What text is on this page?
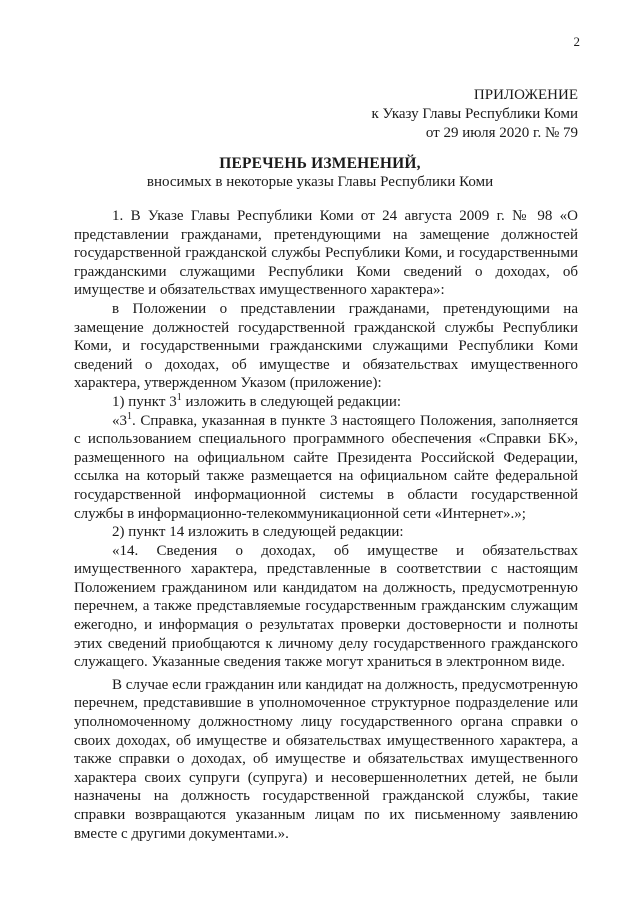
2
ПРИЛОЖЕНИЕ
к Указу Главы Республики Коми
от 29 июля 2020 г. № 79
ПЕРЕЧЕНЬ ИЗМЕНЕНИЙ,
вносимых в некоторые указы Главы Республики Коми

1. В Указе Главы Республики Коми от 24 августа 2009 г. № 98 «О представлении гражданами, претендующими на замещение должностей государственной гражданской службы Республики Коми, и государственными гражданскими служащими Республики Коми сведений о доходах, об имуществе и обязательствах имущественного характера»:

в Положении о представлении гражданами, претендующими на замещение должностей государственной гражданской службы Республики Коми, и государственными гражданскими служащими Республики Коми сведений о доходах, об имуществе и обязательствах имущественного характера, утвержденном Указом (приложение):

1) пункт $3^1$ изложить в следующей редакции:

«$3^1$. Справка, указанная в пункте 3 настоящего Положения, заполняется с использованием специального программного обеспечения «Справки БК», размещенного на официальном сайте Президента Российской Федерации, ссылка на который также размещается на официальном сайте федеральной государственной информационной системы в области государственной службы в информационно-телекоммуникационной сети «Интернет».»;

2) пункт 14 изложить в следующей редакции:

«14. Сведения о доходах, об имуществе и обязательствах имущественного характера, представленные в соответствии с настоящим Положением гражданином или кандидатом на должность, предусмотренную перечнем, а также представляемые государственным гражданским служащим ежегодно, и информация о результатах проверки достоверности и полноты этих сведений приобщаются к личному делу государственного гражданского служащего. Указанные сведения также могут храниться в электронном виде.

В случае если гражданин или кандидат на должность, предусмотренную перечнем, представившие в уполномоченное структурное подразделение или уполномоченному должностному лицу государственного органа справки о своих доходах, об имуществе и обязательствах имущественного характера, а также справки о доходах, об имуществе и обязательствах имущественного характера своих супруги (супруга) и несовершеннолетних детей, не были назначены на должность государственной гражданской службы, такие справки возвращаются указанным лицам по их письменному заявлению вместе с другими документами.».
